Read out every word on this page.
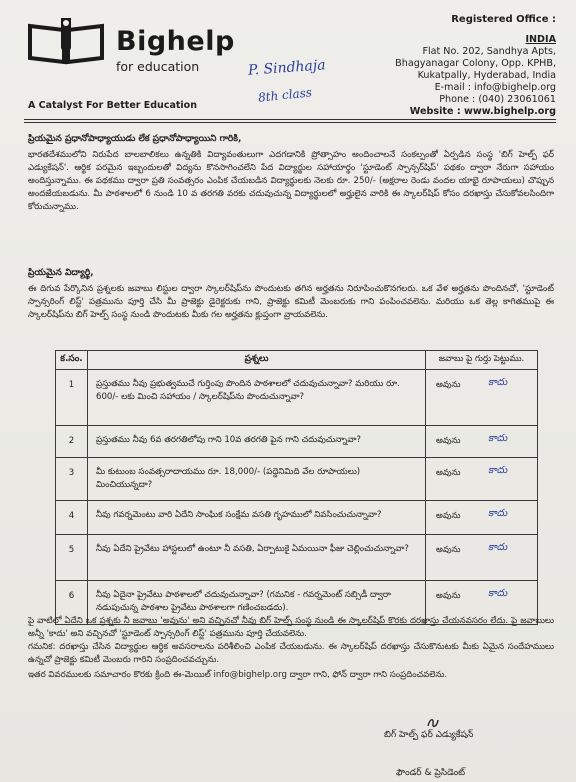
Bighelp
for education
A Catalyst For Better Education
P. Sindhaja
8th class
Registered Office :
INDIA
Flat No. 202, Sandhya Apts,
Bhagyanagar Colony, Opp. KPHB,
Kukatpally, Hyderabad, India
E-mail : info@bighelp.org
Phone : (040) 23061061
Website : www.bighelp.org
ప్రియమైన ప్రధానోపాధ్యాయుడు లేక ప్రధానోపాధ్యాయిని గారికి,
భారతదేశములోని నిరుపేద బాలబాలికలు ఉన్నతికి విద్యావంతులుగా ఎదగడానికి ప్రోత్సాహం అందించాలనే సంకల్పంతో ఏర్పడిన సంస్థ 'బిగ్ హెల్ప్ ఫర్ ఎడ్యుకేషన్'. ఆర్థిక పరమైన ఇబ్బందులతో విద్యను కొనసాగించలేని పేద విద్యార్థుల సహాయార్థం 'స్టూడెంట్ స్పాన్సర్‌షిప్' పథకం ద్వారా నేరుగా సహాయం అందిస్తున్నాము. ఈ పథకము ద్వారా ప్రతి సంవత్సరం ఎంపిక చేయబడిన విద్యార్థులకు నెలకు రూ. 250/- (అక్షరాల రెండు వందల యాభై రూపాయలు) చొప్పున అందజేయబడును. మీ పాఠశాలలో 6 నుండి 10 వ తరగతి వరకు చదువుచున్న విద్యార్థులలో అర్హులైన వారికి ఈ స్కాలర్‌షిప్ కోసం దరఖాస్తు చేసుకోవలసిందిగా కోరుచున్నాము.
ప్రియమైన విద్యార్థి,
ఈ దిగువ పేర్కొనిన ప్రశ్నలకు జవాబు లిస్టుల ద్వారా స్కాలర్‌షిప్‌ను పొందుటకు తగిన అర్హతను నిరూపించుకొనగలరు. ఒక వేళ అర్హతను పొందినచో, 'స్టూడెంట్ స్పాన్సరింగ్ లిస్ట్' పత్రమును పూర్తి చేసి మీ ప్రాజెక్టు డైరెక్టరుకు గాని, ప్రాజెక్టు కమిటీ మెంబరుకు గాని పంపించవలెను. మరియు ఒక తెల్ల కాగితముపై ఈ స్కాలర్‌షిప్‌ను బిగ్ హెల్ప్ సంస్థ నుండి పొందుటకు మీకు గల అర్హతను క్లుప్తంగా వ్రాయవలెను.
క.సం.	ప్రశ్నలు	జవాబు పై గుర్తు పెట్టుము.
1	ప్రస్తుతము నీవు ప్రభుత్వముచే గుర్తింపు పొందిన పాఠశాలలో చదువుచున్నావా? మరియు రూ. 600/- లకు మించి సహాయం / స్కాలర్‌షిప్‌ను పొందుచున్నావా?	అవును కాదు

2	ప్రస్తుతము నీవు 6వ తరగతిలోపు గాని 10వ తరగతి పైన గాని చదువుచున్నావా?	అవును కాదు

3	మీ కుటుంబ సంవత్సరాదాయము రూ. 18,000/- (పద్దెనిమిది వేల రూపాయలు) మించియున్నదా?	అవును కాదు

4	నీవు గవర్నమెంటు వారి ఏదేని సాంఘిక సంక్షేమ వసతి గృహములో నివసించుచున్నావా?	అవును కాదు

5	నీవు ఏదేని ప్రైవేటు హాస్టలులో ఉంటూ నీ వసతి, ఏర్పాటుకై ఏమయినా ఫీజు చెల్లించుచున్నావా?	అవును కాదు

6	నీవు ఏదైనా ప్రైవేటు పాఠశాలలో చదువుచున్నావా? (గమనిక - గవర్నమెంట్ సబ్సిడీ ద్వారా నడుపుచున్న పాఠశాల ప్రైవేటు పాఠశాలగా గణించబడదు).	అవును కాదు
పై వాటిలో ఏదేని ఒక ప్రశ్నకు నీ జవాబు 'అవును' అని వచ్చినచో నీవు బిగ్ హెల్ప్ సంస్థ నుండి ఈ స్కాలర్‌షిప్ కొరకు దరఖాస్తు చేయనవసరం లేదు. పై జవాబులు అన్నీ 'కాదు' అని వచ్చినచో 'స్టూడెంట్ స్పాన్సరింగ్ లిస్ట్' పత్రమును పూర్తి చేయవలెను.
గమనిక: దరఖాస్తు చేసిన విద్యార్థుల ఆర్థిక అవసరాలను పరిశీలించి ఎంపిక చేయబడును. ఈ స్కాలర్‌షిప్ దరఖాస్తు చేసుకొనుటకు మీకు ఏమైన సందేహములు ఉన్నచో ప్రాజెక్టు కమిటీ మెంబరు గారిని సంప్రదించవచ్చును.
ఇతర వివరములకు సమాచారం కొరకు క్రింది ఈ-మెయిల్ info@bighelp.org ద్వారా గాని, ఫోన్ ద్వారా గాని సంప్రదించవలెను.
బిగ్ హెల్ప్ ఫర్ ఎడ్యుకేషన్
ఫౌండర్ & ప్రెసిడెంట్
